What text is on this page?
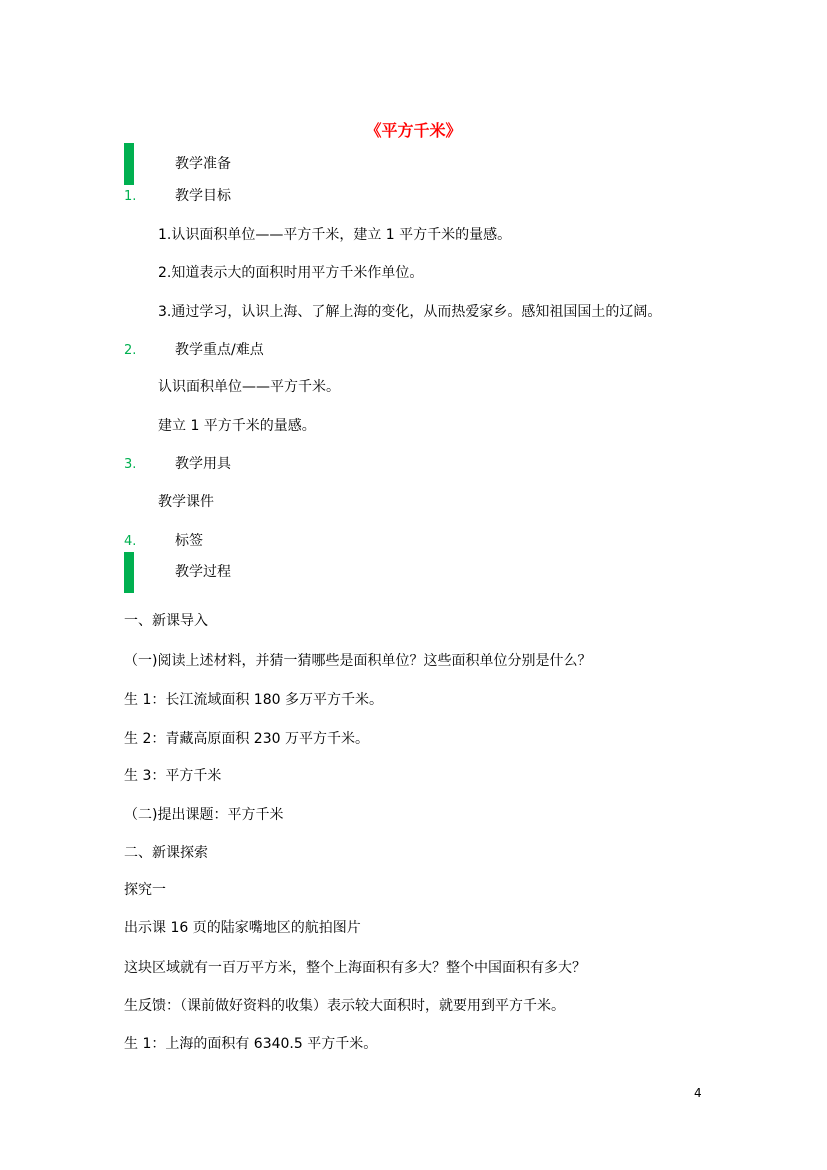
《平方千米》
教学准备
1.	教学目标
1.认识面积单位——平方千米，建立 1 平方千米的量感。
2.知道表示大的面积时用平方千米作单位。
3.通过学习，认识上海、了解上海的变化，从而热爱家乡。感知祖国国土的辽阔。
2.	教学重点/难点
认识面积单位——平方千米。
建立 1 平方千米的量感。
3.	教学用具
教学课件
4.	标签
教学过程
一、新课导入
（一)阅读上述材料，并猜一猜哪些是面积单位？这些面积单位分别是什么？
生 1：长江流域面积 180 多万平方千米。
生 2：青藏高原面积 230 万平方千米。
生 3：平方千米
（二)提出课题：平方千米
二、新课探索
探究一
出示课 16 页的陆家嘴地区的航拍图片
这块区域就有一百万平方米，整个上海面积有多大？整个中国面积有多大？
生反馈：（课前做好资料的收集）表示较大面积时，就要用到平方千米。
生 1：上海的面积有 6340.5 平方千米。
4
